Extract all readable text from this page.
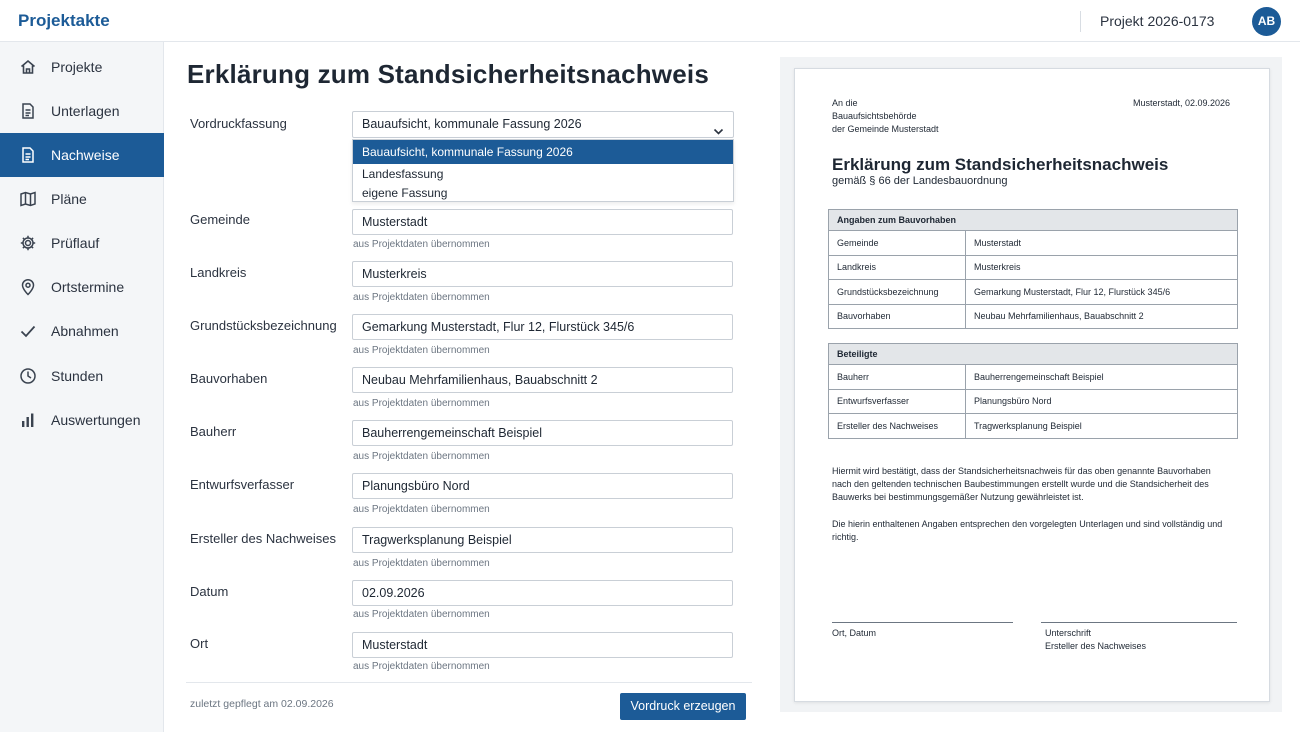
Projektakte	Projekt 2026-0173	AB
Projekte
Unterlagen
Nachweise
Pläne
Prüflauf
Ortstermine
Abnahmen
Stunden
Auswertungen
Erklärung zum Standsicherheitsnachweis
Vordruckfassung	Bauaufsicht, kommunale Fassung 2026
Bauaufsicht, kommunale Fassung 2026
Landesfassung
eigene Fassung
Gemeinde	Musterstadt
aus Projektdaten übernommen
Landkreis	Musterkreis
aus Projektdaten übernommen
Grundstücksbezeichnung	Gemarkung Musterstadt, Flur 12, Flurstück 345/6
aus Projektdaten übernommen
Bauvorhaben	Neubau Mehrfamilienhaus, Bauabschnitt 2
aus Projektdaten übernommen
Bauherr	Bauherrengemeinschaft Beispiel
aus Projektdaten übernommen
Entwurfsverfasser	Planungsbüro Nord
aus Projektdaten übernommen
Ersteller des Nachweises	Tragwerksplanung Beispiel
aus Projektdaten übernommen
Datum	02.09.2026
aus Projektdaten übernommen
Ort	Musterstadt
aus Projektdaten übernommen
zuletzt gepflegt am 02.09.2026	Vordruck erzeugen
An die
Bauaufsichtsbehörde
der Gemeinde Musterstadt
Musterstadt, 02.09.2026
Erklärung zum Standsicherheitsnachweis
gemäß § 66 der Landesbauordnung
Angaben zum Bauvorhaben	
Gemeinde	Musterstadt
Landkreis	Musterkreis
Grundstücksbezeichnung	Gemarkung Musterstadt, Flur 12, Flurstück 345/6
Bauvorhaben	Neubau Mehrfamilienhaus, Bauabschnitt 2
Beteiligte	
Bauherr	Bauherrengemeinschaft Beispiel
Entwurfsverfasser	Planungsbüro Nord
Ersteller des Nachweises	Tragwerksplanung Beispiel
Hiermit wird bestätigt, dass der Standsicherheitsnachweis für das oben genannte Bauvorhaben nach den geltenden technischen Baubestimmungen erstellt wurde und die Standsicherheit des Bauwerks bei bestimmungsgemäßer Nutzung gewährleistet ist.
Die hierin enthaltenen Angaben entsprechen den vorgelegten Unterlagen und sind vollständig und richtig.
Ort, Datum	Unterschrift
Ersteller des Nachweises
